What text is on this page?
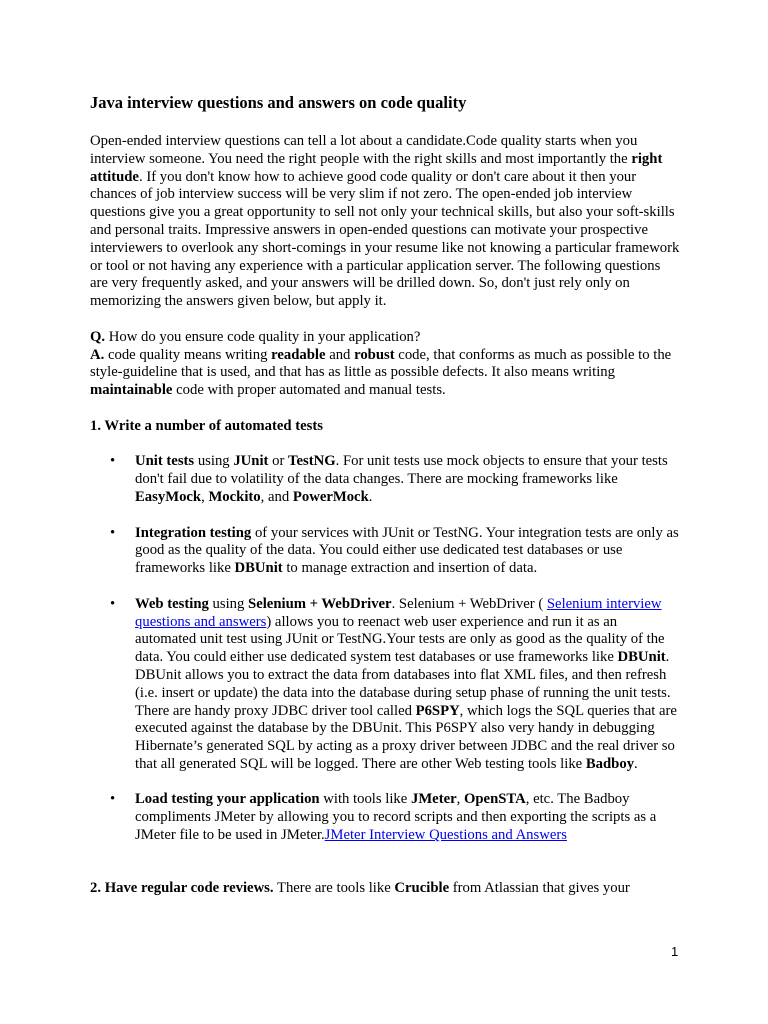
Java interview questions and answers on code quality

Open-ended interview questions can tell a lot about a candidate.Code quality starts when you interview someone. You need the right people with the right skills and most importantly the right attitude. If you don't know how to achieve good code quality or don't care about it then your chances of job interview success will be very slim if not zero. The open-ended job interview questions give you a great opportunity to sell not only your technical skills, but also your soft-skills and personal traits. Impressive answers in open-ended questions can motivate your prospective interviewers to overlook any short-comings in your resume like not knowing a particular framework or tool or not having any experience with a particular application server. The following questions are very frequently asked, and your answers will be drilled down. So, don't just rely only on memorizing the answers given below, but apply it.

Q. How do you ensure code quality in your application?
A. code quality means writing readable and robust code, that conforms as much as possible to the style-guideline that is used, and that has as little as possible defects. It also means writing maintainable code with proper automated and manual tests.

1. Write a number of automated tests
• Unit tests using JUnit or TestNG. For unit tests use mock objects to ensure that your tests don't fail due to volatility of the data changes. There are mocking frameworks like EasyMock, Mockito, and PowerMock.
• Integration testing of your services with JUnit or TestNG. Your integration tests are only as good as the quality of the data. You could either use dedicated test databases or use frameworks like DBUnit to manage extraction and insertion of data.
• Web testing using Selenium + WebDriver. Selenium + WebDriver ( Selenium interview questions and answers) allows you to reenact web user experience and run it as an automated unit test using JUnit or TestNG.Your tests are only as good as the quality of the data. You could either use dedicated system test databases or use frameworks like DBUnit. DBUnit allows you to extract the data from databases into flat XML files, and then refresh (i.e. insert or update) the data into the database during setup phase of running the unit tests. There are handy proxy JDBC driver tool called P6SPY, which logs the SQL queries that are executed against the database by the DBUnit. This P6SPY also very handy in debugging Hibernate’s generated SQL by acting as a proxy driver between JDBC and the real driver so that all generated SQL will be logged. There are other Web testing tools like Badboy.
• Load testing your application with tools like JMeter, OpenSTA, etc. The Badboy compliments JMeter by allowing you to record scripts and then exporting the scripts as a JMeter file to be used in JMeter.JMeter Interview Questions and Answers

2. Have regular code reviews. There are tools like Crucible from Atlassian that gives your

1
